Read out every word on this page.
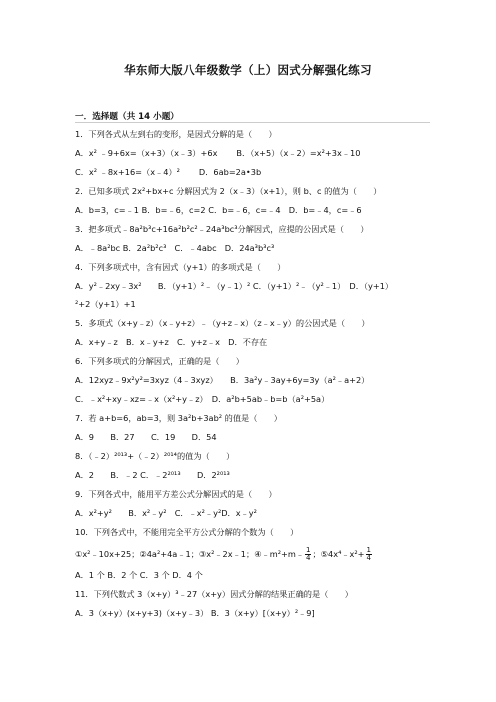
华东师大版八年级数学（上）因式分解强化练习
一．选择题（共 14 小题）
1．下列各式从左到右的变形，是因式分解的是（　　）
A．x² ﹣9+6x=（x+3）（x﹣3）+6x　　 B．（x+5）（x﹣2）=x²+3x﹣10
C．x² ﹣8x+16=（x﹣4）²　　 D．6ab=2a•3b
2．已知多项式 2x²+bx+c 分解因式为 2（x﹣3）（x+1），则 b、c 的值为（　　）
A．b=3，c=﹣1 B．b=﹣6，c=2 C．b=﹣6，c=﹣4　D．b=﹣4，c=﹣6
3．把多项式﹣8a²b³c+16a²b²c²﹣24a³bc³分解因式，应提的公因式是（　　）
A．﹣8a²bc B．2a²b²c³　C．﹣4abc　D．24a³b³c³
4．下列多项式中，含有因式（y+1）的多项式是（　　）
A．y²﹣2xy﹣3x²　　B．（y+1）²﹣（y﹣1）² C．（y+1）²﹣（y²﹣1）　D．（y+1）
²+2（y+1）+1
5．多项式（x+y﹣z）（x﹣y+z）﹣（y+z﹣x）（z﹣x﹣y）的公因式是（　　）
A．x+y﹣z　B．x﹣y+z　C．y+z﹣x　D．不存在
6．下列多项式的分解因式，正确的是（　　）
A．12xyz﹣9x²y²=3xyz（4﹣3xyz）　　B．3a²y﹣3ay+6y=3y（a²﹣a+2）
C．﹣x²+xy﹣xz=﹣x（x²+y﹣z）　D．a²b+5ab﹣b=b（a²+5a）
7．若 a+b=6，ab=3，则 3a²b+3ab² 的值是（　　）
A．9　　B．27　　C．19　　D．54
8．（﹣2）²⁰¹³+（﹣2）²⁰¹⁴的值为（　　）
A．2　　B．﹣2 C．﹣2²⁰¹³　　D．2²⁰¹³
9．下列各式中，能用平方差公式分解因式的是（　　）
A．x²+y²　　B．x²﹣y²　C．﹣x²﹣y²D．x﹣y²
10．下列各式中，不能用完全平方公式分解的个数为（　　）
①x²﹣10x+25；②4a²+4a﹣1；③x²﹣2x﹣1；④﹣m²+m﹣ $\frac{1}{4}$ ；⑤4x⁴﹣x²+ $\frac{1}{4}$
A．1 个 B．2 个 C．3 个 D．4 个
11．下列代数式 3（x+y）³﹣27（x+y）因式分解的结果正确的是（　　）
A．3（x+y）(x+y+3)（x+y﹣3） B．3（x+y）[（x+y）²﹣9]
